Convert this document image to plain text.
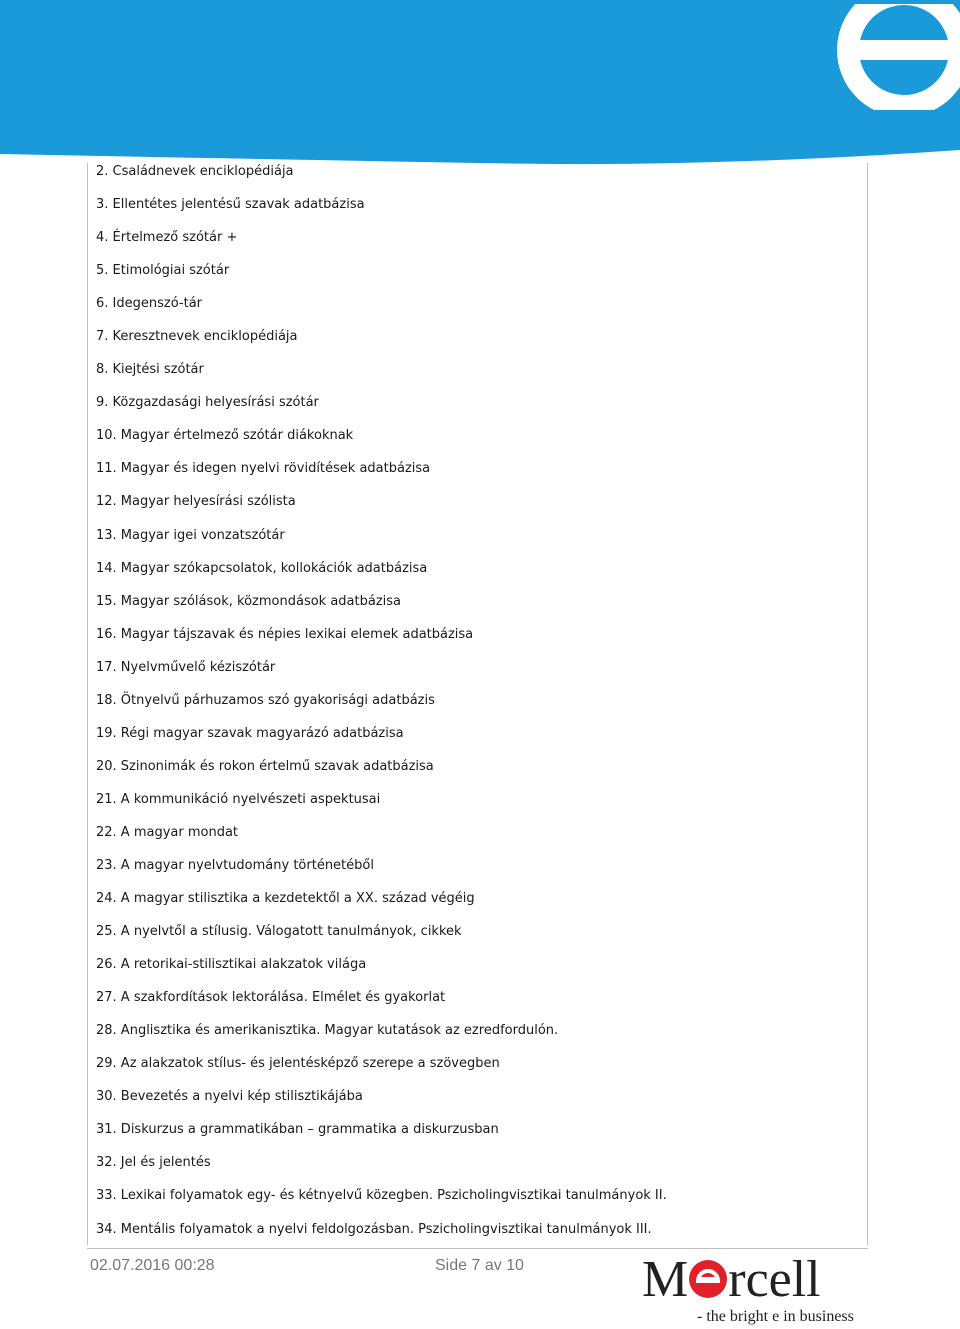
2. Családnevek enciklopédiája
3. Ellentétes jelentésű szavak adatbázisa
4. Értelmező szótár +
5. Etimológiai szótár
6. Idegenszó-tár
7. Keresztnevek enciklopédiája
8. Kiejtési szótár
9. Közgazdasági helyesírási szótár
10. Magyar értelmező szótár diákoknak
11. Magyar és idegen nyelvi rövidítések adatbázisa
12. Magyar helyesírási szólista
13. Magyar igei vonzatszótár
14. Magyar szókapcsolatok, kollokációk adatbázisa
15. Magyar szólások, közmondások adatbázisa
16. Magyar tájszavak és népies lexikai elemek adatbázisa
17. Nyelvművelő kéziszótár
18. Ötnyelvű párhuzamos szó gyakorisági adatbázis
19. Régi magyar szavak magyarázó adatbázisa
20. Szinonimák és rokon értelmű szavak adatbázisa
21. A kommunikáció nyelvészeti aspektusai
22. A magyar mondat
23. A magyar nyelvtudomány történetéből
24. A magyar stilisztika a kezdetektől a XX. század végéig
25. A nyelvtől a stílusig. Válogatott tanulmányok, cikkek
26. A retorikai-stilisztikai alakzatok világa
27. A szakfordítások lektorálása. Elmélet és gyakorlat
28. Anglisztika és amerikanisztika. Magyar kutatások az ezredfordulón.
29. Az alakzatok stílus- és jelentésképző szerepe a szövegben
30. Bevezetés a nyelvi kép stilisztikájába
31. Diskurzus a grammatikában – grammatika a diskurzusban
32. Jel és jelentés
33. Lexikai folyamatok egy- és kétnyelvű közegben. Pszicholingvisztikai tanulmányok II.
34. Mentális folyamatok a nyelvi feldolgozásban. Pszicholingvisztikai tanulmányok III.
02.07.2016 00:28	Side 7 av 10 M rcell
- the bright e in business
